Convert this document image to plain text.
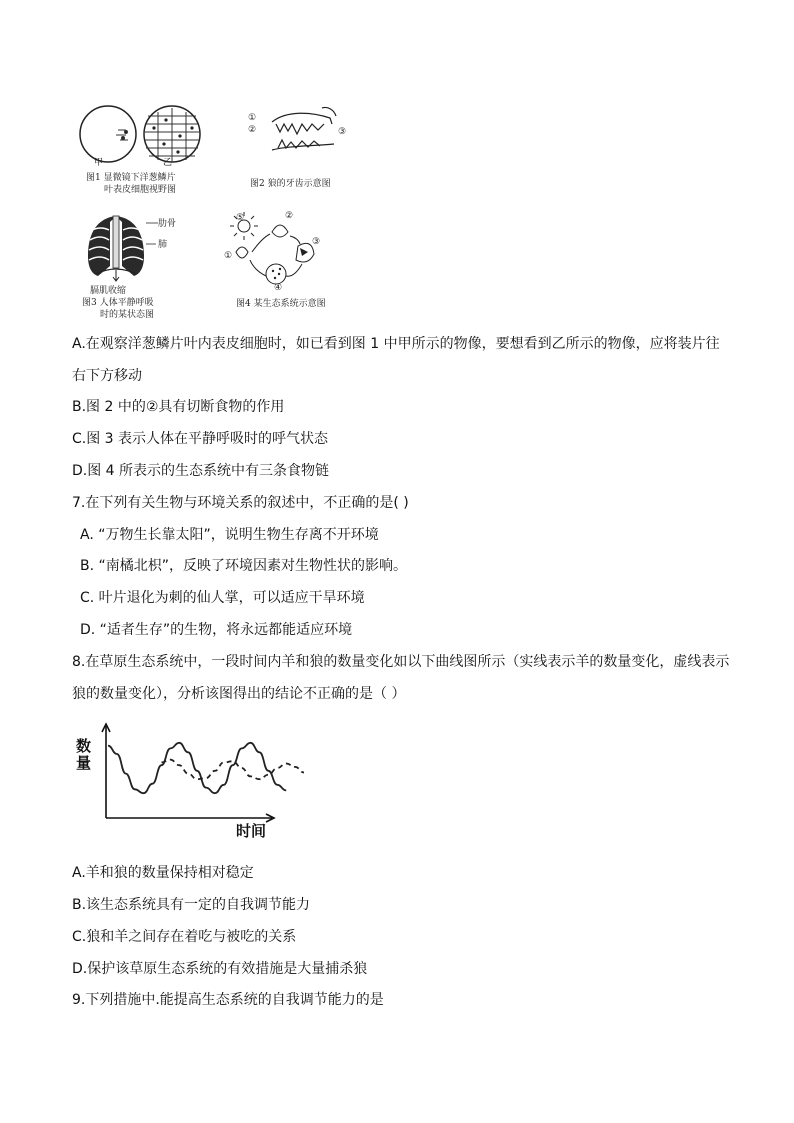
甲	乙
图1 显微镜下洋葱鳞片
叶表皮细胞视野图
①
②	③
图2 狼的牙齿示意图
肋骨
肺
膈肌收缩
图3 人体平静呼吸
时的某状态图
⑤	②
①
③
④
图4 某生态系统示意图
A.在观察洋葱鳞片叶内表皮细胞时，如已看到图 1 中甲所示的物像，要想看到乙所示的物像，应将装片往
右下方移动
B.图 2 中的②具有切断食物的作用
C.图 3 表示人体在平静呼吸时的呼气状态
D.图 4 所表示的生态系统中有三条食物链
7.在下列有关生物与环境关系的叙述中，不正确的是( )
A. “万物生长靠太阳”，说明生物生存离不开环境
B. “南橘北枳”，反映了环境因素对生物性状的影响。
C. 叶片退化为刺的仙人掌，可以适应干旱环境
D. “适者生存”的生物，将永远都能适应环境
8.在草原生态系统中，一段时间内羊和狼的数量变化如以下曲线图所示（实线表示羊的数量变化，虚线表示
狼的数量变化），分析该图得出的结论不正确的是（ ）
数量
时间
A.羊和狼的数量保持相对稳定
B.该生态系统具有一定的自我调节能力
C.狼和羊之间存在着吃与被吃的关系
D.保护该草原生态系统的有效措施是大量捕杀狼
9.下列措施中.能提高生态系统的自我调节能力的是
